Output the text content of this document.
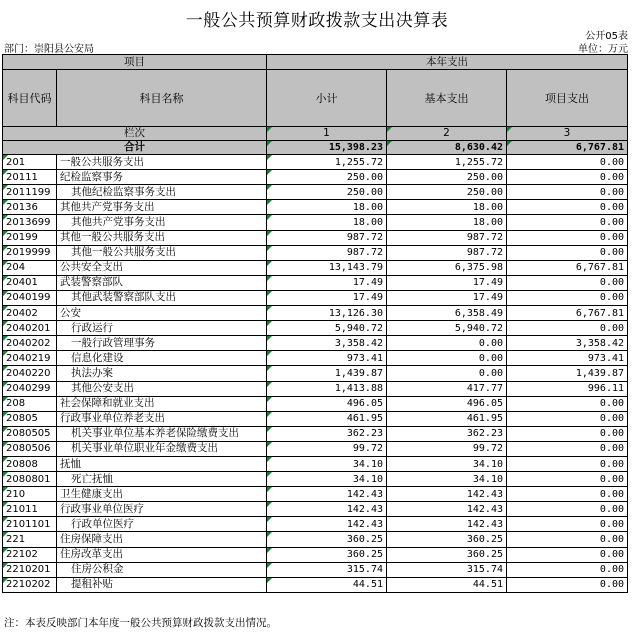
一般公共预算财政拨款支出决算表
公开05表
部门：崇阳县公安局	单位：万元
项目		本年支出		
科目代码	科目名称	小计	基本支出	项目支出
栏次		1	2	3
合计		15,398.23	8,630.42	6,767.81

201	一般公共服务支出	1,255.72	1,255.72	0.00

20111	纪检监察事务	250.00	250.00	0.00

2011199	其他纪检监察事务支出	250.00	250.00	0.00

20136	其他共产党事务支出	18.00	18.00	0.00

2013699	其他共产党事务支出	18.00	18.00	0.00

20199	其他一般公共服务支出	987.72	987.72	0.00

2019999	其他一般公共服务支出	987.72	987.72	0.00

204	公共安全支出	13,143.79	6,375.98	6,767.81

20401	武装警察部队	17.49	17.49	0.00

2040199	其他武装警察部队支出	17.49	17.49	0.00

20402	公安	13,126.30	6,358.49	6,767.81

2040201	行政运行	5,940.72	5,940.72	0.00

2040202	一般行政管理事务	3,358.42	0.00	3,358.42

2040219	信息化建设	973.41	0.00	973.41

2040220	执法办案	1,439.87	0.00	1,439.87

2040299	其他公安支出	1,413.88	417.77	996.11

208	社会保障和就业支出	496.05	496.05	0.00

20805	行政事业单位养老支出	461.95	461.95	0.00

2080505	机关事业单位基本养老保险缴费支出	362.23	362.23	0.00

2080506	机关事业单位职业年金缴费支出	99.72	99.72	0.00

20808	抚恤	34.10	34.10	0.00

2080801	死亡抚恤	34.10	34.10	0.00

210	卫生健康支出	142.43	142.43	0.00

21011	行政事业单位医疗	142.43	142.43	0.00

2101101	行政单位医疗	142.43	142.43	0.00

221	住房保障支出	360.25	360.25	0.00

22102	住房改革支出	360.25	360.25	0.00

2210201	住房公积金	315.74	315.74	0.00

2210202	提租补贴	44.51	44.51	0.00
注：本表反映部门本年度一般公共预算财政拨款支出情况。
